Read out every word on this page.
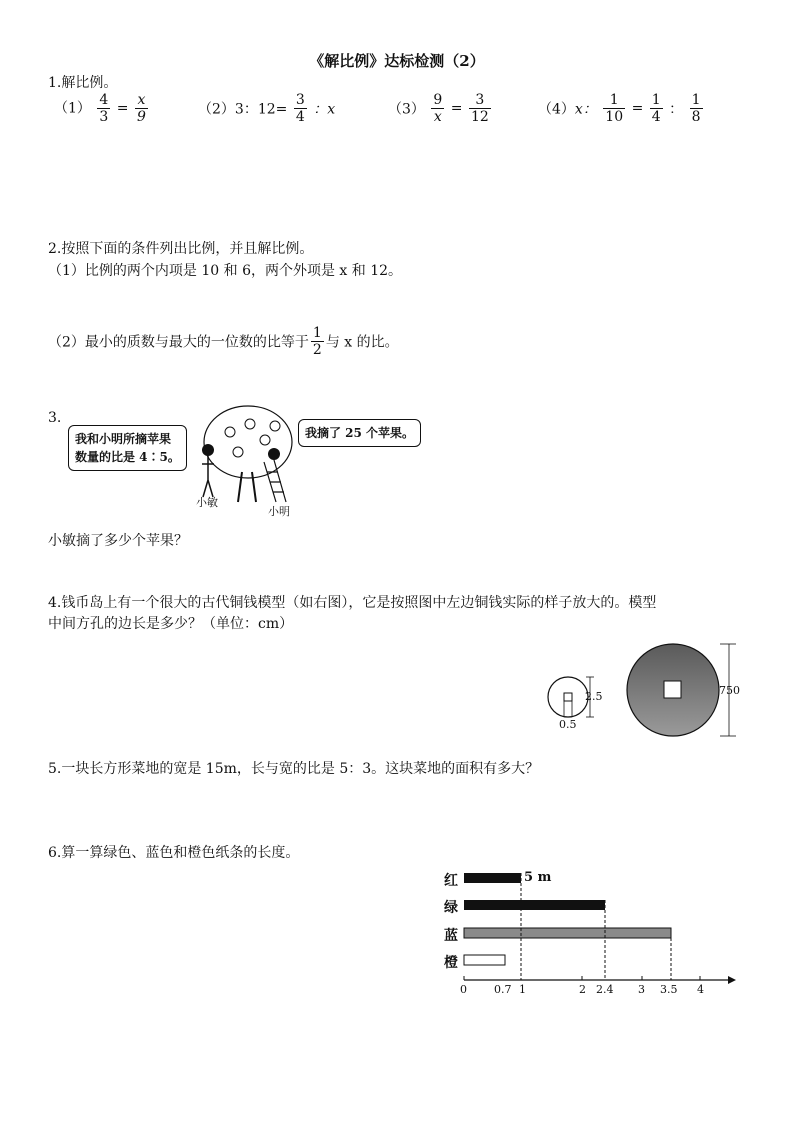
《解比例》达标检测（2）
1.解比例。
$(1) \frac{4}{3} = \frac{x}{9}$	（2）3：$12= \frac{3}{4}$ ：x	$(3) \frac{9}{x} = \frac{3}{12}$	（4）x： $\frac{1}{10} = \frac{1}{4}$ ： $\frac{1}{8}$
2.按照下面的条件列出比例，并且解比例。
（1）比例的两个内项是 10 和 6，两个外项是 x 和 12。
（2）最小的质数与最大的一位数的比等于 $\frac{1}{2}$ 与 x 的比。
3.
我和小明所摘苹果
数量的比是 4∶5。
我摘了 25 个苹果。
小敏
小明
小敏摘了多少个苹果？
4.钱币岛上有一个很大的古代铜钱模型（如右图），它是按照图中左边铜钱实际的样子放大的。模型
中间方孔的边长是多少？（单位：cm）
2.5
0.5
750
5.一块长方形菜地的宽是 15m，长与宽的比是 5：3。这块菜地的面积有多大？
6.算一算绿色、蓝色和橙色纸条的长度。
红
绿
蓝
橙
5 m
0 0.7 1	2 2.4 3 3.5 4
